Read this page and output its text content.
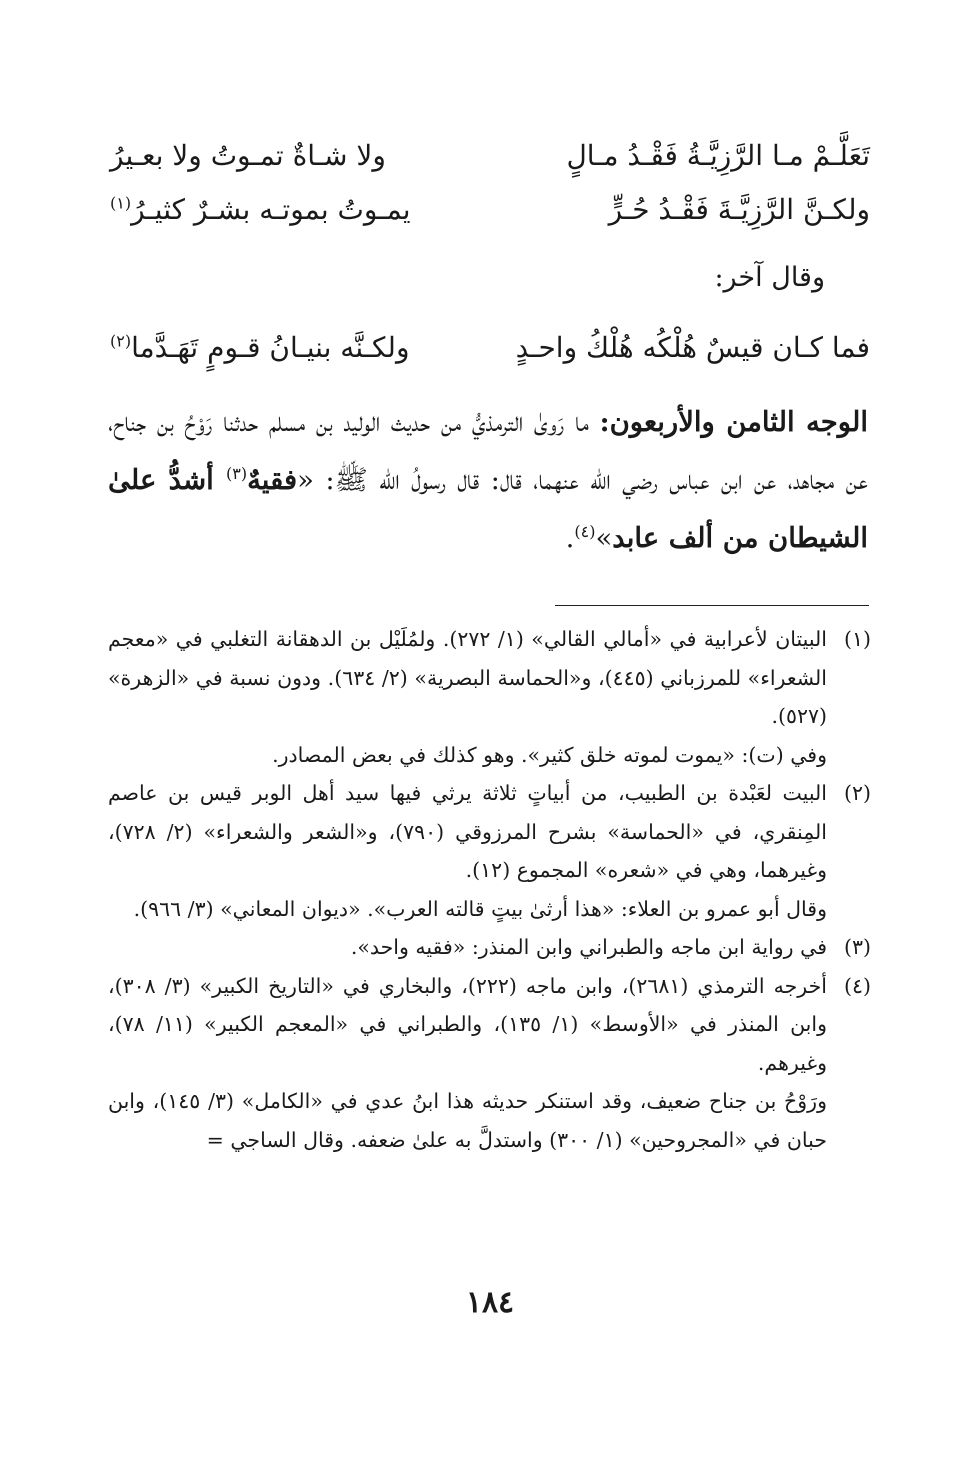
تَعَلَّـمْ مـا الرَّزِيَّـةُ فَقْـدُ مـالٍ
ولا شـاةٌ تمـوتُ ولا بعـيرُ
ولكـنَّ الرَّزِيَّـةَ فَقْـدُ حُـرٍّ
يمـوتُ بموتـه بشـرٌ كثيـرُ$^{(١)}$
وقال آخر:
فما كـان قيسٌ هُلْكُه هُلْكُ واحـدٍ
ولكـنَّه بنيـانُ قـومٍ تَهَـدَّما$^{(٢)}$
الوجه الثامن والأربعون: ما رَوىٰ الترمذيُّ من حديث الوليد بن مسلم حدثنا رَوْحُ بن جناح، عن مجاهد، عن ابن عباس رضي الله عنهما، قال: قال رسولُ الله ﷺ: «فقيهٌ$^{(٣)}$ أشدُّ علىٰ الشيطان من ألف عابد»$^{(٤)}$.
(١)
البيتان لأعرابية في «أمالي القالي» (١/ ٢٧٢). ولمُلَيْل بن الدهقانة التغلبي في «معجم الشعراء» للمرزباني (٤٤٥)، و«الحماسة البصرية» (٢/ ٦٣٤). ودون نسبة في «الزهرة» (٥٢٧).
وفي (ت): «يموت لموته خلق كثير». وهو كذلك في بعض المصادر.
(٢)
البيت لعَبْدة بن الطبيب، من أبياتٍ ثلاثة يرثي فيها سيد أهل الوبر قيس بن عاصم المِنقري، في «الحماسة» بشرح المرزوقي (٧٩٠)، و«الشعر والشعراء» (٢/ ٧٢٨)، وغيرهما، وهي في «شعره» المجموع (١٢).
وقال أبو عمرو بن العلاء: «هذا أرثىٰ بيتٍ قالته العرب». «ديوان المعاني» (٣/ ٩٦٦).
(٣)
في رواية ابن ماجه والطبراني وابن المنذر: «فقيه واحد».
(٤)
أخرجه الترمذي (٢٦٨١)، وابن ماجه (٢٢٢)، والبخاري في «التاريخ الكبير» (٣/ ٣٠٨)، وابن المنذر في «الأوسط» (١/ ١٣٥)، والطبراني في «المعجم الكبير» (١١/ ٧٨)، وغيرهم.
ورَوْحُ بن جناح ضعيف، وقد استنكر حديثه هذا ابنُ عدي في «الكامل» (٣/ ١٤٥)، وابن حبان في «المجروحين» (١/ ٣٠٠) واستدلَّ به علىٰ ضعفه. وقال الساجي =
١٨٤
